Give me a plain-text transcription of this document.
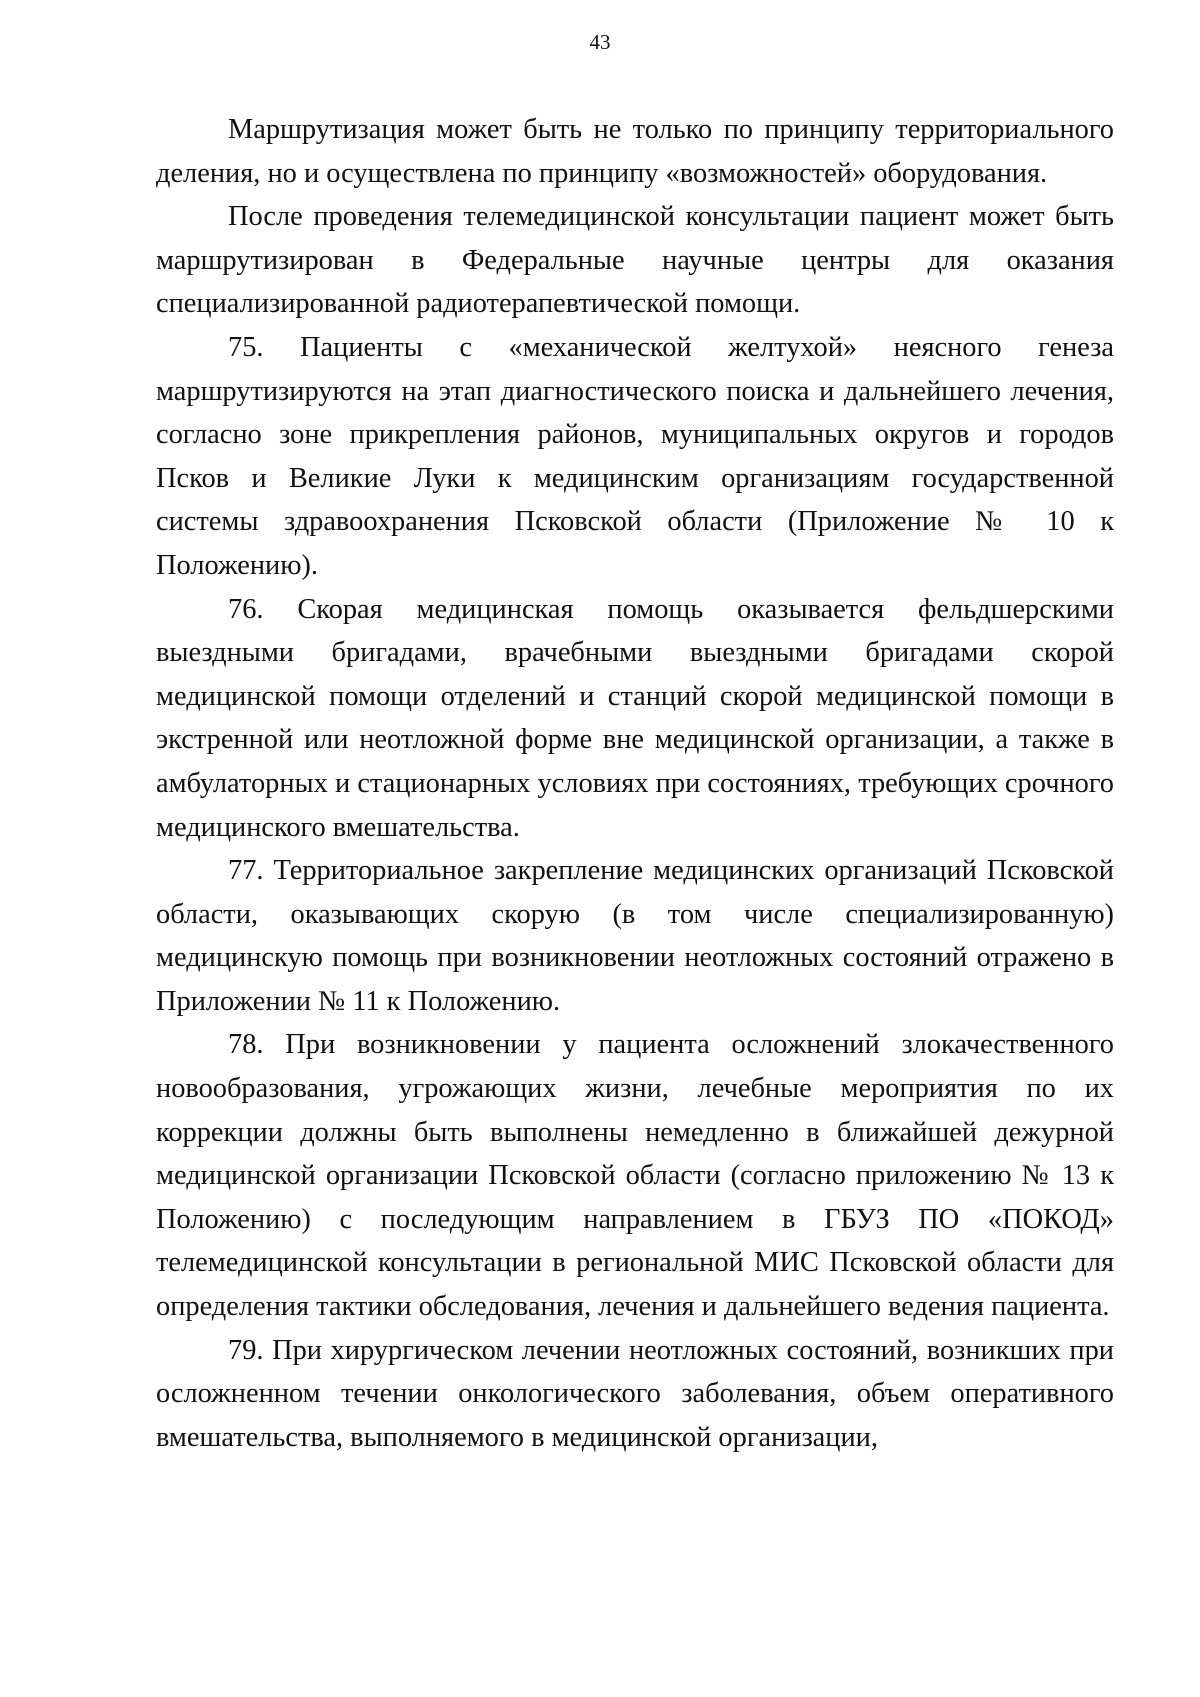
43

Маршрутизация может быть не только по принципу территориального деления, но и осуществлена по принципу «возможностей» оборудования.

После проведения телемедицинской консультации пациент может быть маршрутизирован в Федеральные научные центры для оказания специализированной радиотерапевтической помощи.

75. Пациенты с «механической желтухой» неясного генеза маршрутизируются на этап диагностического поиска и дальнейшего лечения, согласно зоне прикрепления районов, муниципальных округов и городов Псков и Великие Луки к медицинским организациям государственной системы здравоохранения Псковской области (Приложение № 10 к Положению).

76. Скорая медицинская помощь оказывается фельдшерскими выездными бригадами, врачебными выездными бригадами скорой медицинской помощи отделений и станций скорой медицинской помощи в экстренной или неотложной форме вне медицинской организации, а также в амбулаторных и стационарных условиях при состояниях, требующих срочного медицинского вмешательства.

77. Территориальное закрепление медицинских организаций Псковской области, оказывающих скорую (в том числе специализированную) медицинскую помощь при возникновении неотложных состояний отражено в Приложении № 11 к Положению.

78. При возникновении у пациента осложнений злокачественного новообразования, угрожающих жизни, лечебные мероприятия по их коррекции должны быть выполнены немедленно в ближайшей дежурной медицинской организации Псковской области (согласно приложению № 13 к Положению) с последующим направлением в ГБУЗ ПО «ПОКОД» телемедицинской консультации в региональной МИС Псковской области для определения тактики обследования, лечения и дальнейшего ведения пациента.

79. При хирургическом лечении неотложных состояний, возникших при осложненном течении онкологического заболевания, объем оперативного вмешательства, выполняемого в медицинской организации,
